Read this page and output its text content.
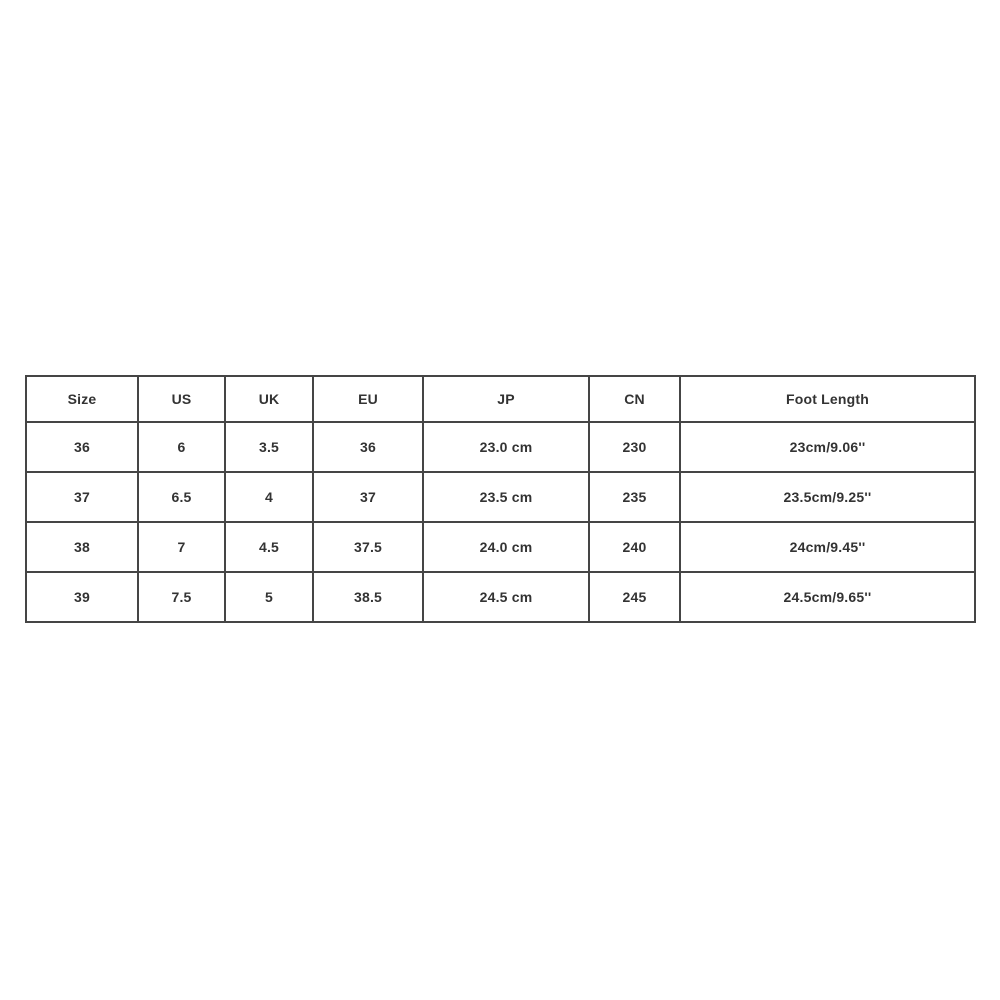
Size	US	UK	EU	JP	CN	Foot Length
36	6	3.5	36	23.0 cm	230	23cm/9.06''
37	6.5	4	37	23.5 cm	235	23.5cm/9.25''
38	7	4.5	37.5	24.0 cm	240	24cm/9.45''
39	7.5	5	38.5	24.5 cm	245	24.5cm/9.65''
